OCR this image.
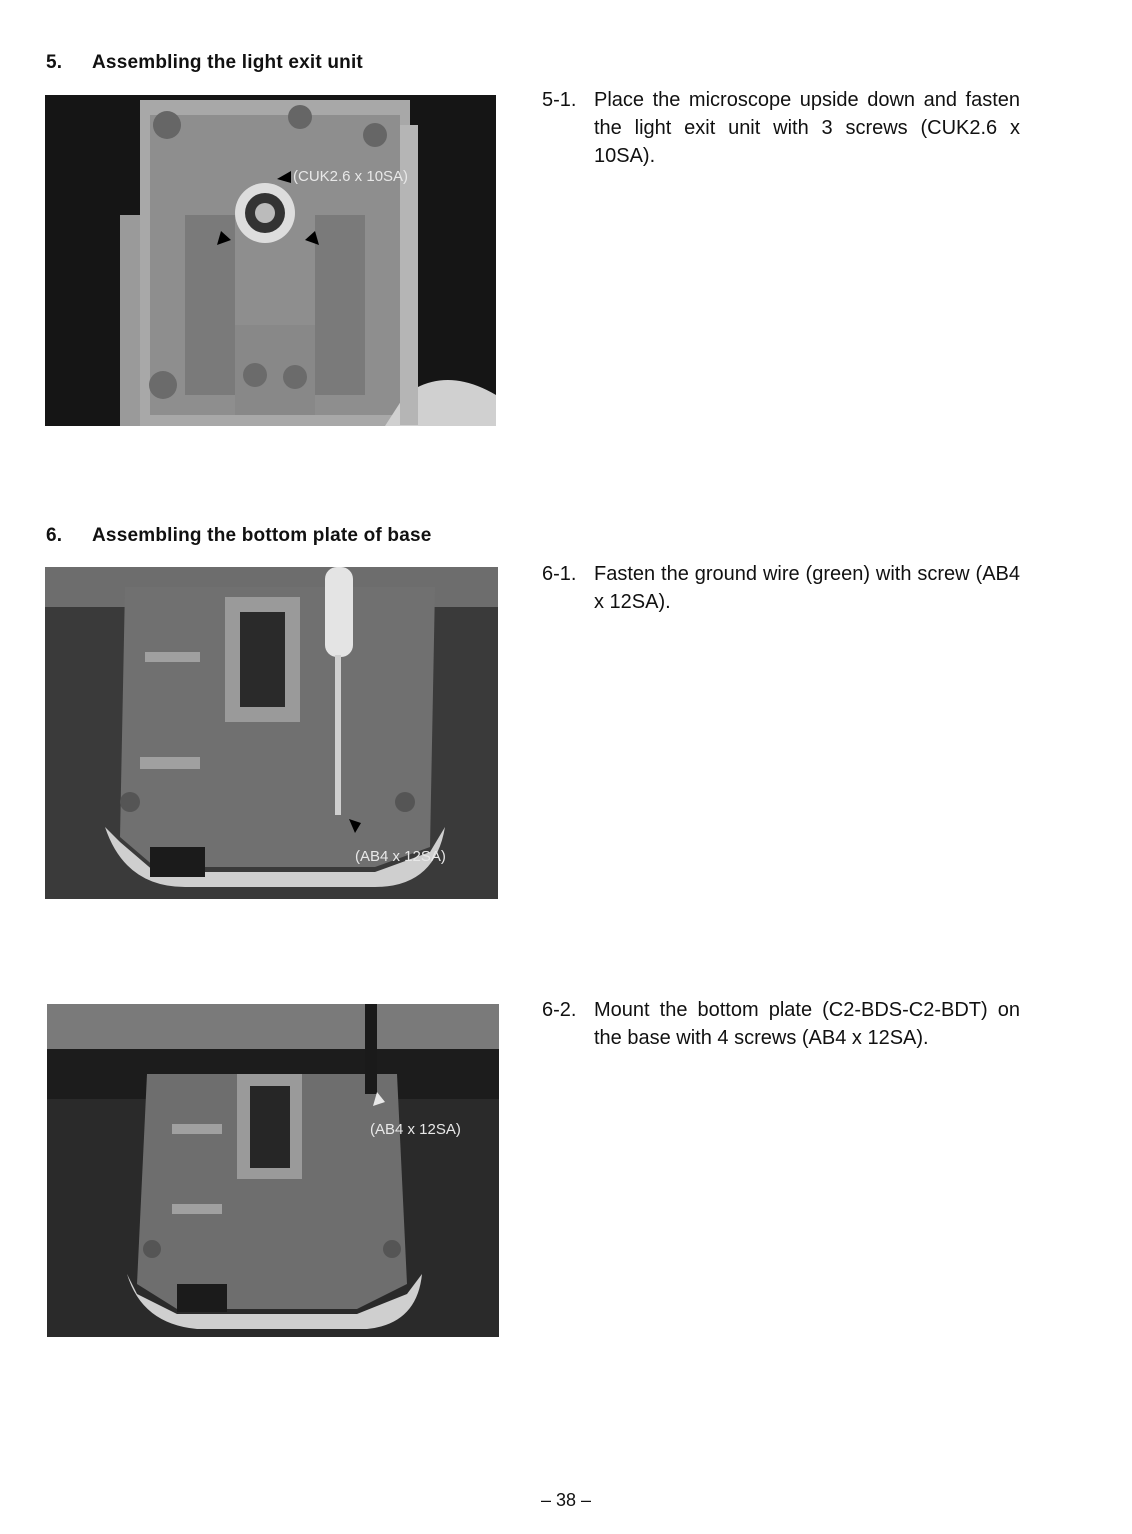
5. Assembling the light exit unit
(CUK2.6 x 10SA)
5-1. Place the microscope upside down and fasten the light exit unit with 3 screws (CUK2.6 x 10SA).
6. Assembling the bottom plate of base
(AB4 x 12SA)
6-1. Fasten the ground wire (green) with screw (AB4 x 12SA).
(AB4 x 12SA)
6-2. Mount the bottom plate (C2-BDS-C2-BDT) on the base with 4 screws (AB4 x 12SA).
– 38 –
